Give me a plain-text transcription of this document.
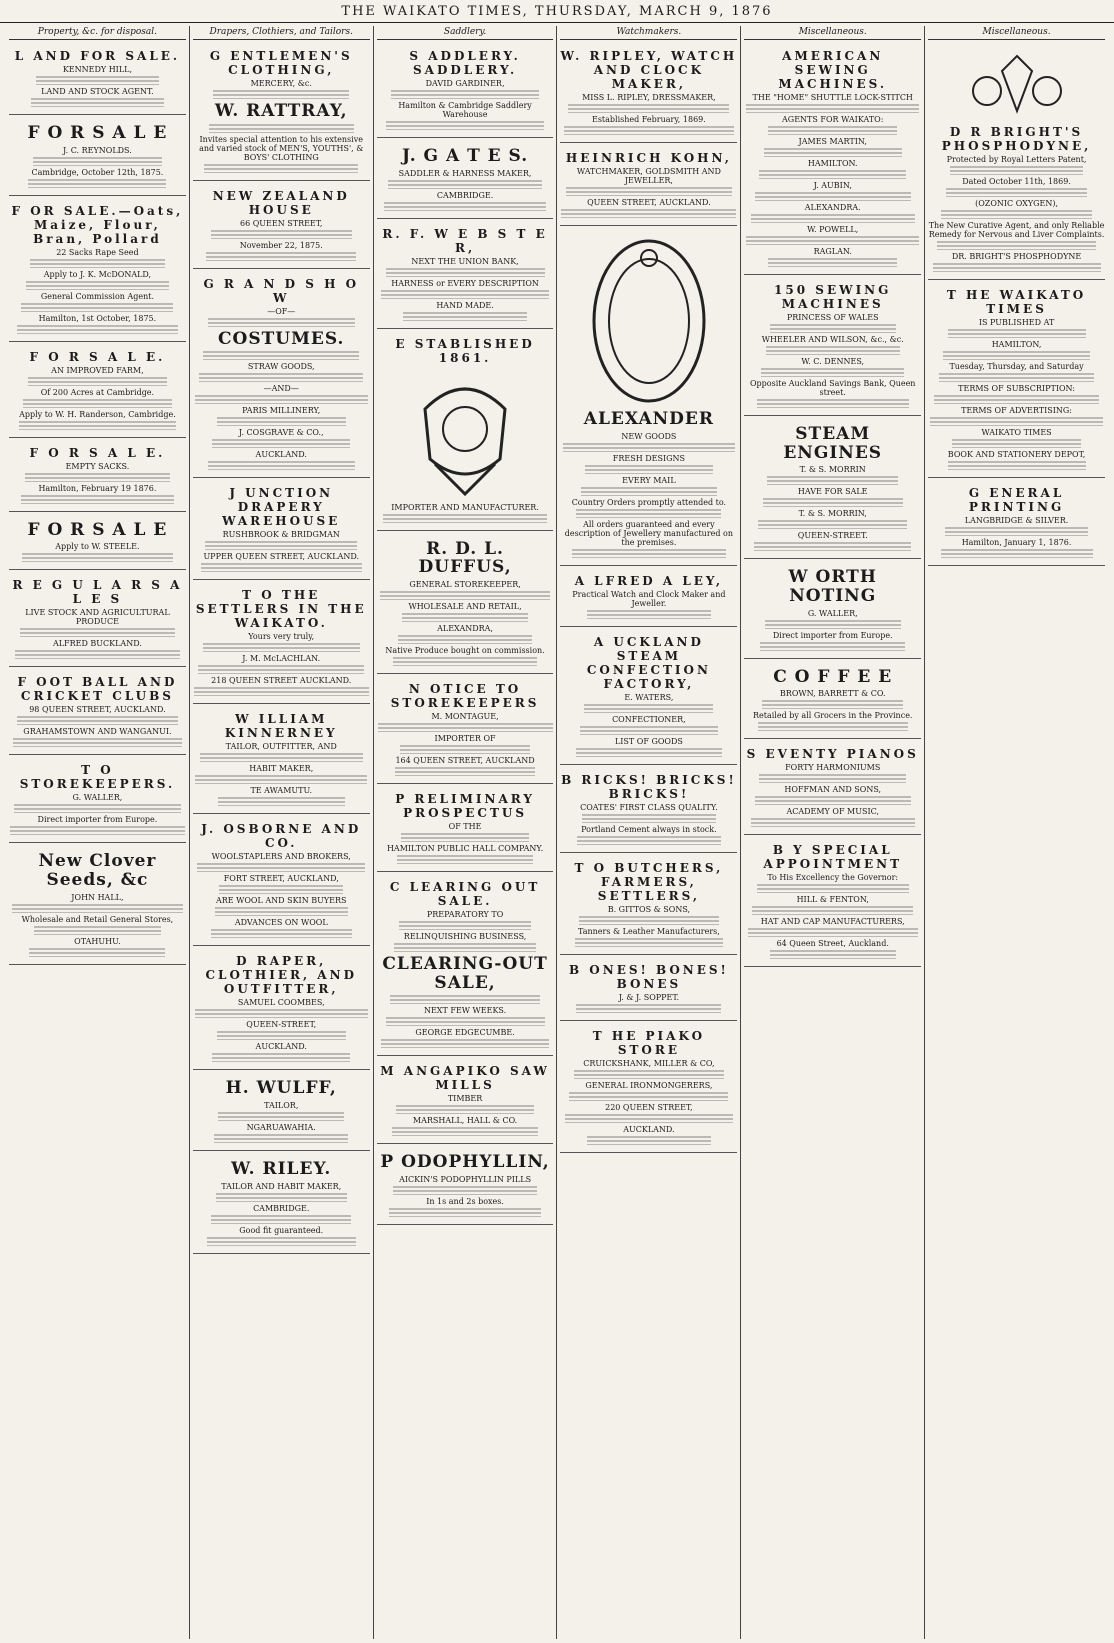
THE WAIKATO TIMES, THURSDAY, MARCH 9, 1876
Property, &c. for disposal.
L AND FOR SALE.
KENNEDY HILL,
LAND AND STOCK AGENT.
F O R S A L E
J. C. REYNOLDS.
Cambridge, October 12th, 1875.
F OR SALE.—Oats, Maize, Flour, Bran, Pollard
22 Sacks Rape Seed
Apply to J. K. McDONALD,
General Commission Agent.
Hamilton, 1st October, 1875.
F O R S A L E.
AN IMPROVED FARM,
Of 200 Acres at Cambridge.
Apply to W. H. Randerson, Cambridge.
F O R S A L E.
EMPTY SACKS.
Hamilton, February 19 1876.
F O R S A L E
Apply to W. STEELE.
R E G U L A R S A L E S
LIVE STOCK AND AGRICULTURAL PRODUCE
ALFRED BUCKLAND.
F OOT BALL AND CRICKET CLUBS
98 QUEEN STREET, AUCKLAND.
GRAHAMSTOWN AND WANGANUI.
T O STOREKEEPERS.
G. WALLER,
Direct importer from Europe.
New Clover Seeds, &c
JOHN HALL,
Wholesale and Retail General Stores,
OTAHUHU.
Drapers, Clothiers, and Tailors.
G ENTLEMEN'S CLOTHING,
MERCERY, &c.
W. RATTRAY,
Invites special attention to his extensive and varied stock of MEN'S, YOUTHS', & BOYS' CLOTHING
NEW ZEALAND HOUSE
66 QUEEN STREET,
November 22, 1875.
G R A N D S H O W
—OF—
COSTUMES.
STRAW GOODS,
—AND—
PARIS MILLINERY,
J. COSGRAVE & CO.,
AUCKLAND.
J UNCTION DRAPERY WAREHOUSE
RUSHBROOK & BRIDGMAN
UPPER QUEEN STREET, AUCKLAND.
T O THE SETTLERS IN THE WAIKATO.
Yours very truly,
J. M. McLACHLAN.
218 QUEEN STREET AUCKLAND.
W ILLIAM KINNERNEY
TAILOR, OUTFITTER, AND
HABIT MAKER,
TE AWAMUTU.
J. OSBORNE AND CO.
WOOLSTAPLERS AND BROKERS,
FORT STREET, AUCKLAND,
ARE WOOL AND SKIN BUYERS
ADVANCES ON WOOL
D RAPER, CLOTHIER, AND OUTFITTER,
SAMUEL COOMBES,
QUEEN-STREET,
AUCKLAND.
H. WULFF,
TAILOR,
NGARUAWAHIA.
W. RILEY.
TAILOR AND HABIT MAKER,
CAMBRIDGE.
Good fit guaranteed.
Saddlery.
S ADDLERY. SADDLERY.
DAVID GARDINER,
Hamilton & Cambridge Saddlery Warehouse
J. G A T E S.
SADDLER & HARNESS MAKER,
CAMBRIDGE.
R. F. W E B S T E R,
NEXT THE UNION BANK,
HARNESS or EVERY DESCRIPTION
HAND MADE.
E STABLISHED 1861.
IMPORTER AND MANUFACTURER.
R. D. L. DUFFUS,
GENERAL STOREKEEPER,
WHOLESALE AND RETAIL,
ALEXANDRA,
Native Produce bought on commission.
N OTICE TO STOREKEEPERS
M. MONTAGUE,
IMPORTER OF
164 QUEEN STREET, AUCKLAND
P RELIMINARY PROSPECTUS
OF THE
HAMILTON PUBLIC HALL COMPANY.
C LEARING OUT SALE.
PREPARATORY TO
RELINQUISHING BUSINESS,
CLEARING-OUT SALE,
NEXT FEW WEEKS.
GEORGE EDGECUMBE.
M ANGAPIKO SAW MILLS
TIMBER
MARSHALL, HALL & CO.
P ODOPHYLLIN,
AICKIN'S PODOPHYLLIN PILLS
In 1s and 2s boxes.
Watchmakers.
W. RIPLEY, WATCH AND CLOCK MAKER,
MISS L. RIPLEY, DRESSMAKER,
Established February, 1869.
HEINRICH KOHN,
WATCHMAKER, GOLDSMITH AND JEWELLER,
QUEEN STREET, AUCKLAND.
ALEXANDER
NEW GOODS
FRESH DESIGNS
EVERY MAIL
Country Orders promptly attended to.
All orders guaranteed and every description of Jewellery manufactured on the premises.
A LFRED A LEY,
Practical Watch and Clock Maker and Jeweller.
A UCKLAND STEAM CONFECTION FACTORY,
E. WATERS,
CONFECTIONER,
LIST OF GOODS
B RICKS! BRICKS! BRICKS!
COATES' FIRST CLASS QUALITY.
Portland Cement always in stock.
T O BUTCHERS, FARMERS, SETTLERS,
B. GITTOS & SONS,
Tanners & Leather Manufacturers,
B ONES! BONES! BONES
J. & J. SOPPET.
T HE PIAKO STORE
CRUICKSHANK, MILLER & CO,
GENERAL IRONMONGERERS,
220 QUEEN STREET,
AUCKLAND.
Miscellaneous.
AMERICAN SEWING MACHINES.
THE "HOME" SHUTTLE LOCK-STITCH
AGENTS FOR WAIKATO:
JAMES MARTIN,
HAMILTON.
J. AUBIN,
ALEXANDRA.
W. POWELL,
RAGLAN.
150 SEWING MACHINES
PRINCESS OF WALES
WHEELER AND WILSON, &c., &c.
W. C. DENNES,
Opposite Auckland Savings Bank, Queen street.
STEAM ENGINES
T. & S. MORRIN
HAVE FOR SALE
T. & S. MORRIN,
QUEEN-STREET.
W ORTH NOTING
G. WALLER,
Direct importer from Europe.
C O F F E E
BROWN, BARRETT & CO.
Retailed by all Grocers in the Province.
S EVENTY PIANOS
FORTY HARMONIUMS
HOFFMAN AND SONS,
ACADEMY OF MUSIC,
B Y SPECIAL APPOINTMENT
To His Excellency the Governor:
HILL & FENTON,
HAT AND CAP MANUFACTURERS,
64 Queen Street, Auckland.
Miscellaneous.
D R BRIGHT'S PHOSPHODYNE,
Protected by Royal Letters Patent,
Dated October 11th, 1869.
(OZONIC OXYGEN),
The New Curative Agent, and only Reliable Remedy for Nervous and Liver Complaints.
DR. BRIGHT'S PHOSPHODYNE
T HE WAIKATO TIMES
IS PUBLISHED AT
HAMILTON,
Tuesday, Thursday, and Saturday
TERMS OF SUBSCRIPTION:
TERMS OF ADVERTISING:
WAIKATO TIMES
BOOK AND STATIONERY DEPOT,
G ENERAL PRINTING
LANGBRIDGE & SILVER.
Hamilton, January 1, 1876.
